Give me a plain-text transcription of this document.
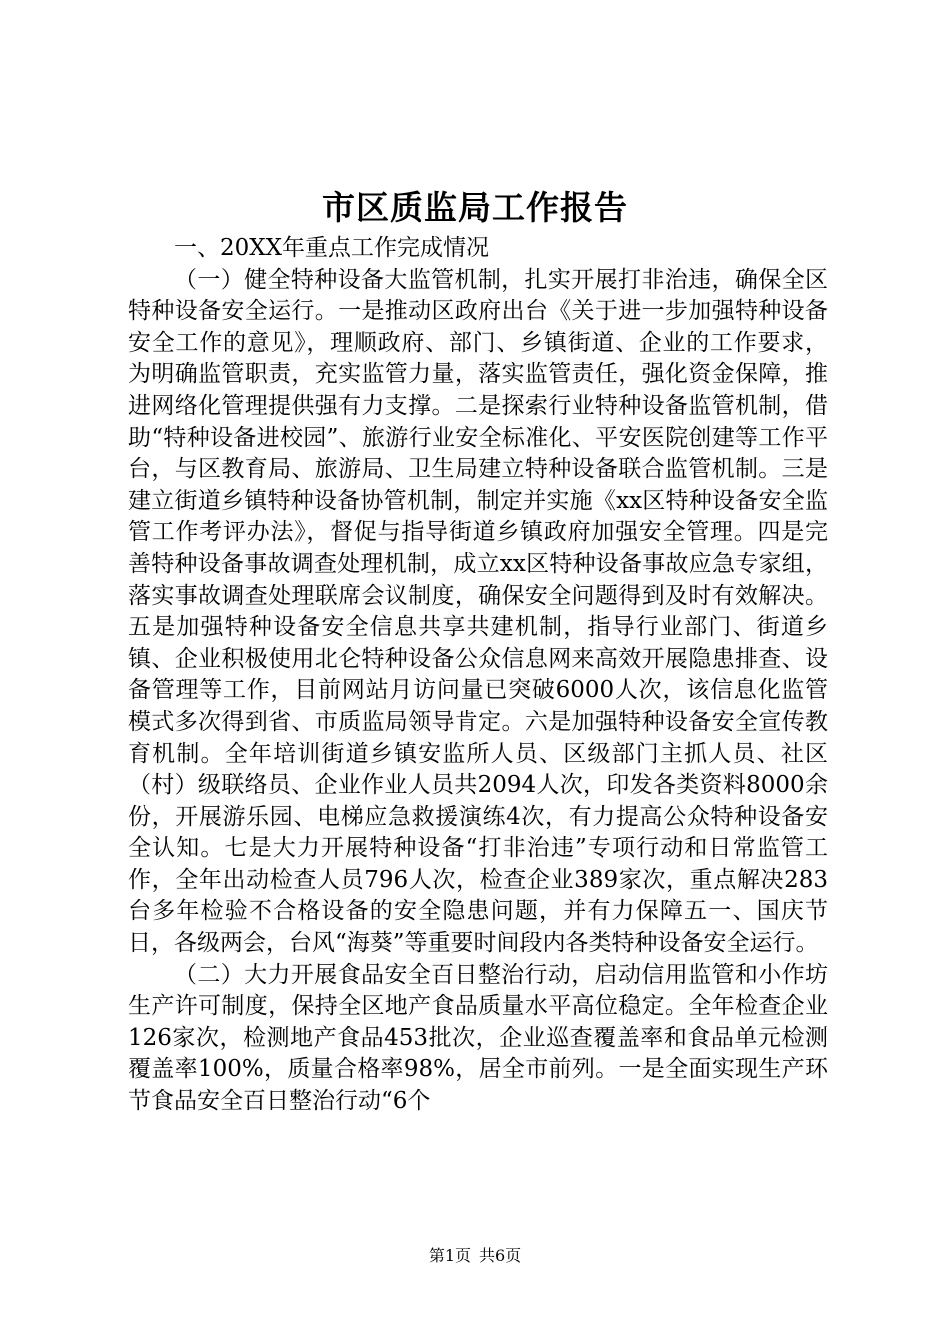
市区质监局工作报告

一、20XX年重点工作完成情况

（一）健全特种设备大监管机制，扎实开展打非治违，确保全区特种设备安全运行。一是推动区政府出台《关于进一步加强特种设备安全工作的意见》，理顺政府、部门、乡镇街道、企业的工作要求，为明确监管职责，充实监管力量，落实监管责任，强化资金保障，推进网络化管理提供强有力支撑。二是探索行业特种设备监管机制，借助“特种设备进校园”、旅游行业安全标准化、平安医院创建等工作平台，与区教育局、旅游局、卫生局建立特种设备联合监管机制。三是建立街道乡镇特种设备协管机制，制定并实施《xx区特种设备安全监管工作考评办法》，督促与指导街道乡镇政府加强安全管理。四是完善特种设备事故调查处理机制，成立xx区特种设备事故应急专家组，落实事故调查处理联席会议制度，确保安全问题得到及时有效解决。五是加强特种设备安全信息共享共建机制，指导行业部门、街道乡镇、企业积极使用北仑特种设备公众信息网来高效开展隐患排查、设备管理等工作，目前网站月访问量已突破6000人次，该信息化监管模式多次得到省、市质监局领导肯定。六是加强特种设备安全宣传教育机制。全年培训街道乡镇安监所人员、区级部门主抓人员、社区（村）级联络员、企业作业人员共2094人次，印发各类资料8000余份，开展游乐园、电梯应急救援演练4次，有力提高公众特种设备安全认知。七是大力开展特种设备“打非治违”专项行动和日常监管工作，全年出动检查人员796人次，检查企业389家次，重点解决283台多年检验不合格设备的安全隐患问题，并有力保障五一、国庆节日，各级两会，台风“海葵”等重要时间段内各类特种设备安全运行。

（二）大力开展食品安全百日整治行动，启动信用监管和小作坊生产许可制度，保持全区地产食品质量水平高位稳定。全年检查企业126家次，检测地产食品453批次，企业巡查覆盖率和食品单元检测覆盖率100%，质量合格率98%，居全市前列。一是全面实现生产环节食品安全百日整治行动“6个

第1页 共6页
